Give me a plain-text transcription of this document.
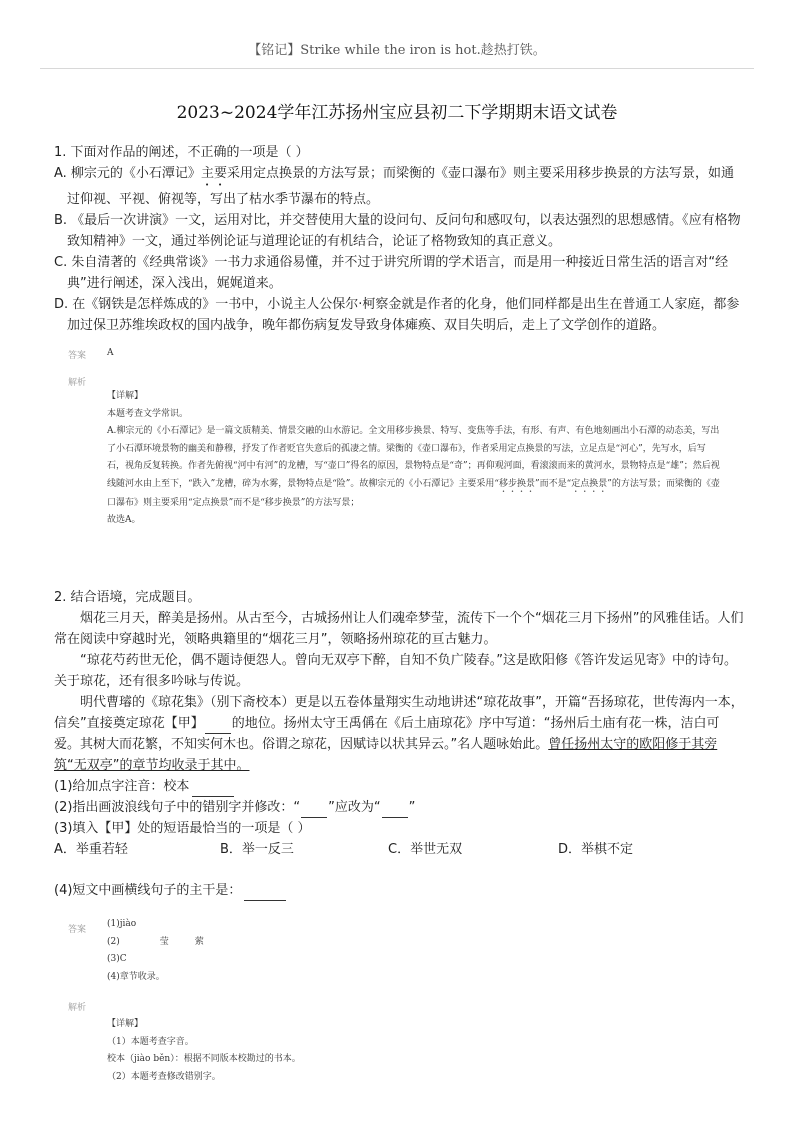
【铭记】Strike while the iron is hot.趁热打铁。
2023~2024学年江苏扬州宝应县初二下学期期末语文试卷

1. 下面对作品的阐述，不正确的一项是（ ）

A. 柳宗元的《小石潭记》主要采用定点换景的方法写景；而梁衡的《壶口瀑布》则主要采用移步换景的方法写景，如通过仰视、平视、俯视等，写出了枯水季节瀑布的特点。

B. 《最后一次讲演》一文，运用对比，并交替使用大量的设问句、反问句和感叹句，以表达强烈的思想感情。《应有格物致知精神》一文，通过举例论证与道理论证的有机结合，论证了格物致知的真正意义。

C. 朱自清著的《经典常谈》一书力求通俗易懂，并不过于讲究所谓的学术语言，而是用一种接近日常生活的语言对“经典”进行阐述，深入浅出，娓娓道来。

D. 在《钢铁是怎样炼成的》一书中，小说主人公保尔·柯察金就是作者的化身，他们同样都是出生在普通工人家庭，都参加过保卫苏维埃政权的国内战争，晚年都伤病复发导致身体瘫痪、双目失明后，走上了文学创作的道路。

答案 A
解析

【详解】

本题考查文学常识。

A.柳宗元的《小石潭记》是一篇文质精美、情景交融的山水游记。全文用移步换景、特写、变焦等手法，有形、有声、有色地刻画出小石潭的动态美，写出了小石潭环境景物的幽美和静穆，抒发了作者贬官失意后的孤凄之情。梁衡的《壶口瀑布》，作者采用定点换景的写法，立足点是“河心”，先写水，后写石，视角反复转换。作者先俯视“河中有河”的龙槽，写“壶口”得名的原因，景物特点是“奇”；再仰观河面，看滚滚而来的黄河水，景物特点是“雄”；然后视线随河水由上至下，“跌入”龙槽，碎为水雾，景物特点是“险”。故柳宗元的《小石潭记》主要采用“移步换景”而不是“定点换景”的方法写景；而梁衡的《壶口瀑布》则主要采用“定点换景”而不是“移步换景”的方法写景；

故选A。

2. 结合语境，完成题目。

烟花三月天，醉美是扬州。从古至今，古城扬州让人们魂牵梦莹，流传下一个个“烟花三月下扬州”的风雅佳话。人们常在阅读中穿越时光，领略典籍里的“烟花三月”，领略扬州琼花的亘古魅力。

“琼花芍药世无伦，偶不题诗便怨人。曾向无双亭下醉，自知不负广陵春。”这是欧阳修《答许发运见寄》中的诗句。关于琼花，还有很多吟咏与传说。

明代曹璿的《琼花集》（别下斋校本）更是以五卷体量翔实生动地讲述“琼花故事”，开篇“吾扬琼花，世传海内一本，信矣”直接奠定琼花【甲】 的地位。扬州太守王禹偁在《后土庙琼花》序中写道：“扬州后土庙有花一株，洁白可爱。其树大而花繁，不知实何木也。俗谓之琼花，因赋诗以状其异云。”名人题咏始此。曾任扬州太守的欧阳修于其旁筑“无双亭”的章节均收录于其中。

(1)给加点字注音：校本

(2)指出画波浪线句子中的错别字并修改：“ ”应改为“ ”

(3)填入【甲】处的短语最恰当的一项是（ ）

A．举重若轻	B．举一反三	C．举世无双	D．举棋不定

(4)短文中画横线句子的主干是：

答案

(1)jiào

(2)	莹	萦

(3)C

(4)章节收录。

解析

【详解】

（1）本题考查字音。

校本（jiào běn）：根据不同版本校勘过的书本。

（2）本题考查修改错别字。
